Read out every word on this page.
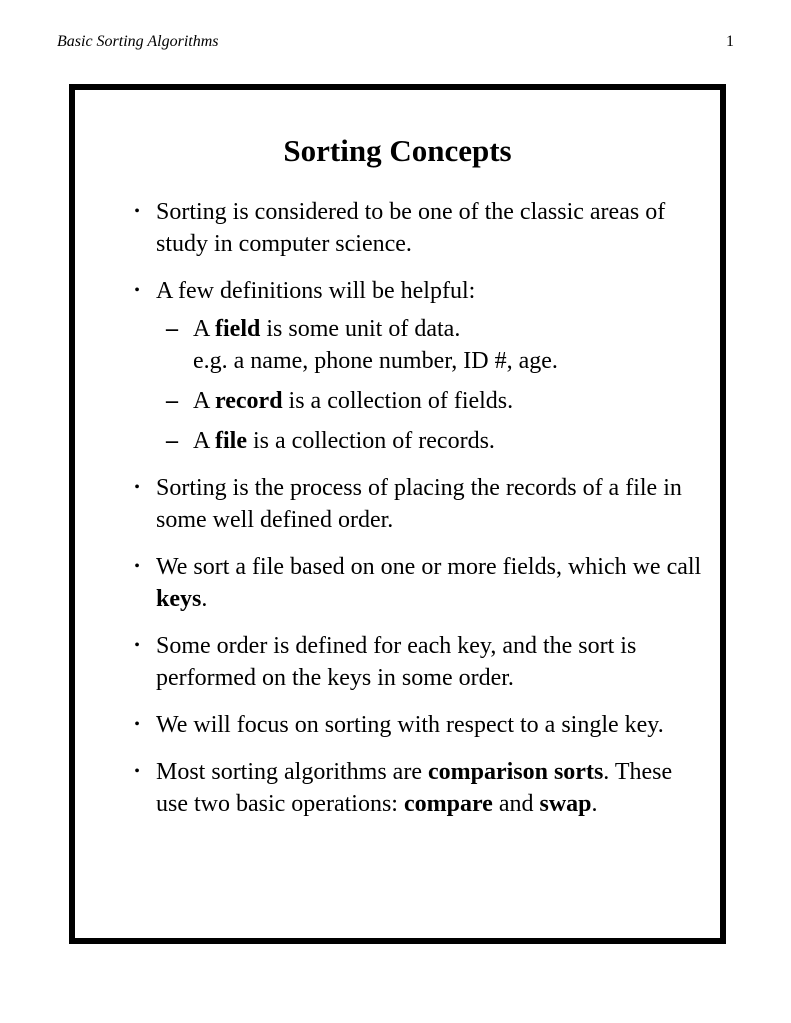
Basic Sorting Algorithms	1
Sorting Concepts
• Sorting is considered to be one of the classic areas of study in computer science.
• A few definitions will be helpful:
– A field is some unit of data.
e.g. a name, phone number, ID #, age.
– A record is a collection of fields.
– A file is a collection of records.
• Sorting is the process of placing the records of a file in some well defined order.
• We sort a file based on one or more fields, which we call keys.
• Some order is defined for each key, and the sort is performed on the keys in some order.
• We will focus on sorting with respect to a single key.
• Most sorting algorithms are comparison sorts. These use two basic operations: compare and swap.
